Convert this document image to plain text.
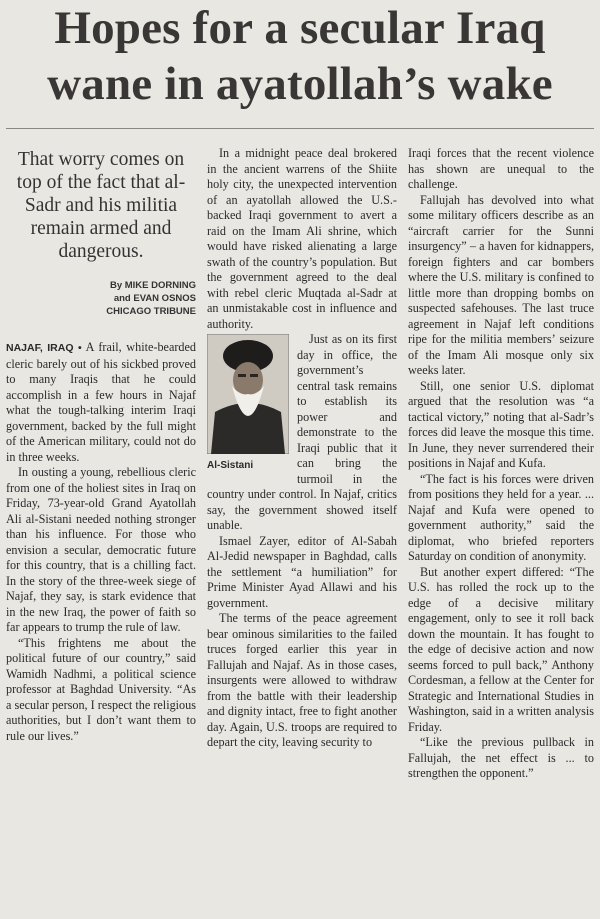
Hopes for a secular Iraq
wane in ayatollah’s wake
That worry comes on top of the fact that al-Sadr and his militia remain armed and dangerous.
By MIKE DORNING
and EVAN OSNOS
CHICAGO TRIBUNE

NAJAF, IRAQ • A frail, white-bearded cleric barely out of his sickbed proved to many Iraqis that he could accomplish in a few hours in Najaf what the tough-talking interim Iraqi government, backed by the full might of the American military, could not do in three weeks.

In ousting a young, rebellious cleric from one of the holiest sites in Iraq on Friday, 73-year-old Grand Ayatollah Ali al-Sistani needed nothing stronger than his influence. For those who envision a secular, democratic future for this country, that is a chilling fact. In the story of the three-week siege of Najaf, they say, is stark evidence that in the new Iraq, the power of faith so far appears to trump the rule of law.

“This frightens me about the political future of our country,” said Wamidh Nadhmi, a political science professor at Baghdad University. “As a secular person, I respect the religious authorities, but I don’t want them to rule our lives.”

In a midnight peace deal brokered in the ancient warrens of the Shiite holy city, the unexpected intervention of an ayatollah allowed the U.S.-backed Iraqi government to avert a raid on the Imam Ali shrine, which would have risked alienating a large swath of the country’s population. But the government agreed to the deal with rebel cleric Muqtada al-Sadr at an unmistakable cost in influence and authority.

Al-Sistani

Just as on its first day in office, the government’s central task remains to establish its power and demonstrate to the Iraqi public that it can bring the turmoil in the country under control. In Najaf, critics say, the government showed itself unable.

Ismael Zayer, editor of Al-Sabah Al-Jedid newspaper in Baghdad, calls the settlement “a humiliation” for Prime Minister Ayad Allawi and his government.

The terms of the peace agreement bear ominous similarities to the failed truces forged earlier this year in Fallujah and Najaf. As in those cases, insurgents were allowed to withdraw from the battle with their leadership and dignity intact, free to fight another day. Again, U.S. troops are required to depart the city, leaving security to

Iraqi forces that the recent violence has shown are unequal to the challenge.

Fallujah has devolved into what some military officers describe as an “aircraft carrier for the Sunni insurgency” – a haven for kidnappers, foreign fighters and car bombers where the U.S. military is confined to little more than dropping bombs on suspected safehouses. The last truce agreement in Najaf left conditions ripe for the militia members’ seizure of the Imam Ali mosque only six weeks later.

Still, one senior U.S. diplomat argued that the resolution was “a tactical victory,” noting that al-Sadr’s forces did leave the mosque this time. In June, they never surrendered their positions in Najaf and Kufa.

“The fact is his forces were driven from positions they held for a year. ... Najaf and Kufa were opened to government authority,” said the diplomat, who briefed reporters Saturday on condition of anonymity.

But another expert differed: “The U.S. has rolled the rock up to the edge of a decisive military engagement, only to see it roll back down the mountain. It has fought to the edge of decisive action and now seems forced to pull back,” Anthony Cordesman, a fellow at the Center for Strategic and International Studies in Washington, said in a written analysis Friday.

“Like the previous pullback in Fallujah, the net effect is ... to strengthen the opponent.”
